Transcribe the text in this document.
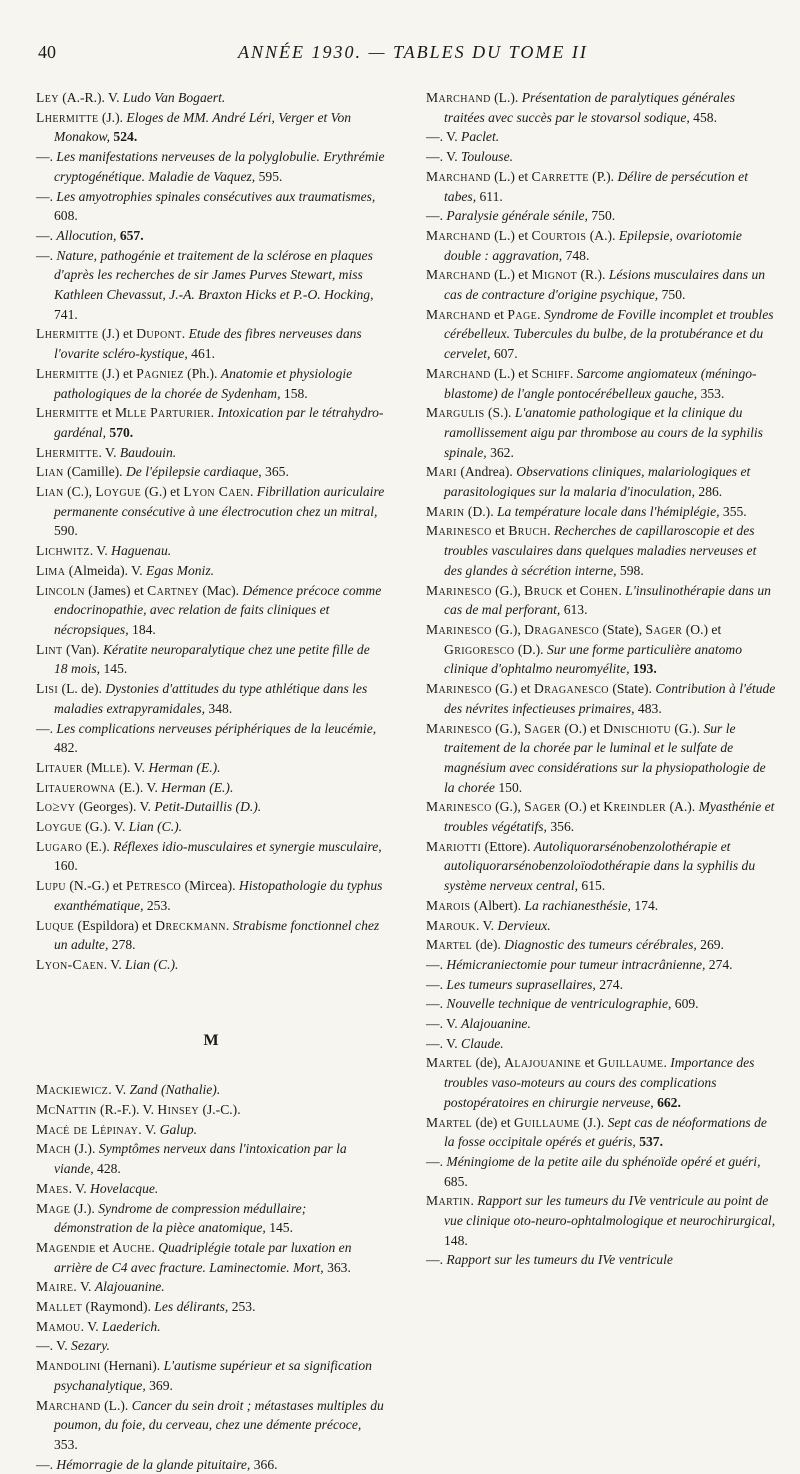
40	ANNÉE 1930. — TABLES DU TOME II

Ley (A.-R.). V. Ludo Van Bogaert.

Lhermitte (J.). Eloges de MM. André Léri, Verger et Von Monakow, 524.

—. Les manifestations nerveuses de la polyglobulie. Erythrémie cryptogénétique. Maladie de Vaquez, 595.

—. Les amyotrophies spinales consécutives aux traumatismes, 608.

—. Allocution, 657.

—. Nature, pathogénie et traitement de la sclérose en plaques d'après les recherches de sir James Purves Stewart, miss Kathleen Chevassut, J.-A. Braxton Hicks et P.-O. Hocking, 741.

Lhermitte (J.) et Dupont. Etude des fibres nerveuses dans l'ovarite scléro-kystique, 461.

Lhermitte (J.) et Pagniez (Ph.). Anatomie et physiologie pathologiques de la chorée de Sydenham, 158.

Lhermitte et Mlle Parturier. Intoxication par le tétrahydro-gardénal, 570.

Lhermitte. V. Baudouin.

Lian (Camille). De l'épilepsie cardiaque, 365.

Lian (C.), Loygue (G.) et Lyon Caen. Fibrillation auriculaire permanente consécutive à une électrocution chez un mitral, 590.

Lichwitz. V. Haguenau.

Lima (Almeida). V. Egas Moniz.

Lincoln (James) et Cartney (Mac). Démence précoce comme endocrinopathie, avec relation de faits cliniques et nécropsiques, 184.

Lint (Van). Kératite neuroparalytique chez une petite fille de 18 mois, 145.

Lisi (L. de). Dystonies d'attitudes du type athlétique dans les maladies extrapyramidales, 348.

—. Les complications nerveuses périphériques de la leucémie, 482.

Litauer (Mlle). V. Herman (E.).

Litauerowna (E.). V. Herman (E.).

Lo≥vy (Georges). V. Petit-Dutaillis (D.).

Loygue (G.). V. Lian (C.).

Lugaro (E.). Réflexes idio-musculaires et synergie musculaire, 160.

Lupu (N.-G.) et Petresco (Mircea). Histopathologie du typhus exanthématique, 253.

Luque (Espildora) et Dreckmann. Strabisme fonctionnel chez un adulte, 278.

Lyon-Caen. V. Lian (C.).

M

Mackiewicz. V. Zand (Nathalie).

McNattin (R.-F.). V. Hinsey (J.-C.).

Macé de Lépinay. V. Galup.

Mach (J.). Symptômes nerveux dans l'intoxication par la viande, 428.

Maes. V. Hovelacque.

Mage (J.). Syndrome de compression médullaire; démonstration de la pièce anatomique, 145.

Magendie et Auche. Quadriplégie totale par luxation en arrière de C4 avec fracture. Laminectomie. Mort, 363.

Maire. V. Alajouanine.

Mallet (Raymond). Les délirants, 253.

Mamou. V. Laederich.

—. V. Sezary.

Mandolini (Hernani). L'autisme supérieur et sa signification psychanalytique, 369.

Marchand (L.). Cancer du sein droit ; métastases multiples du poumon, du foie, du cerveau, chez une démente précoce, 353.

—. Hémorragie de la glande pituitaire, 366.

Marchand (L.). Présentation de paralytiques générales traitées avec succès par le stovarsol sodique, 458.

—. V. Paclet.

—. V. Toulouse.

Marchand (L.) et Carrette (P.). Délire de persécution et tabes, 611.

—. Paralysie générale sénile, 750.

Marchand (L.) et Courtois (A.). Epilepsie, ovariotomie double : aggravation, 748.

Marchand (L.) et Mignot (R.). Lésions musculaires dans un cas de contracture d'origine psychique, 750.

Marchand et Page. Syndrome de Foville incomplet et troubles cérébelleux. Tubercules du bulbe, de la protubérance et du cervelet, 607.

Marchand (L.) et Schiff. Sarcome angiomateux (méningo-blastome) de l'angle pontocérébelleux gauche, 353.

Margulis (S.). L'anatomie pathologique et la clinique du ramollissement aigu par thrombose au cours de la syphilis spinale, 362.

Mari (Andrea). Observations cliniques, malariologiques et parasitologiques sur la malaria d'inoculation, 286.

Marin (D.). La température locale dans l'hémiplégie, 355.

Marinesco et Bruch. Recherches de capillaroscopie et des troubles vasculaires dans quelques maladies nerveuses et des glandes à sécrétion interne, 598.

Marinesco (G.), Bruck et Cohen. L'insulinothérapie dans un cas de mal perforant, 613.

Marinesco (G.), Draganesco (State), Sager (O.) et Grigoresco (D.). Sur une forme particulière anatomo clinique d'ophtalmo neuromyélite, 193.

Marinesco (G.) et Draganesco (State). Contribution à l'étude des névrites infectieuses primaires, 483.

Marinesco (G.), Sager (O.) et Dnischiotu (G.). Sur le traitement de la chorée par le luminal et le sulfate de magnésium avec considérations sur la physiopathologie de la chorée 150.

Marinesco (G.), Sager (O.) et Kreindler (A.). Myasthénie et troubles végétatifs, 356.

Mariotti (Ettore). Autoliquorarsénobenzolothérapie et autoliquorarsénobenzoloïodothérapie dans la syphilis du système nerveux central, 615.

Marois (Albert). La rachianesthésie, 174.

Marouk. V. Dervieux.

Martel (de). Diagnostic des tumeurs cérébrales, 269.

—. Hémicraniectomie pour tumeur intracrânienne, 274.

—. Les tumeurs suprasellaires, 274.

—. Nouvelle technique de ventriculographie, 609.

—. V. Alajouanine.

—. V. Claude.

Martel (de), Alajouanine et Guillaume. Importance des troubles vaso-moteurs au cours des complications postopératoires en chirurgie nerveuse, 662.

Martel (de) et Guillaume (J.). Sept cas de néoformations de la fosse occipitale opérés et guéris, 537.

—. Méningiome de la petite aile du sphénoïde opéré et guéri, 685.

Martin. Rapport sur les tumeurs du IVe ventricule au point de vue clinique oto-neuro-ophtalmologique et neurochirurgical, 148.

—. Rapport sur les tumeurs du IVe ventricule
